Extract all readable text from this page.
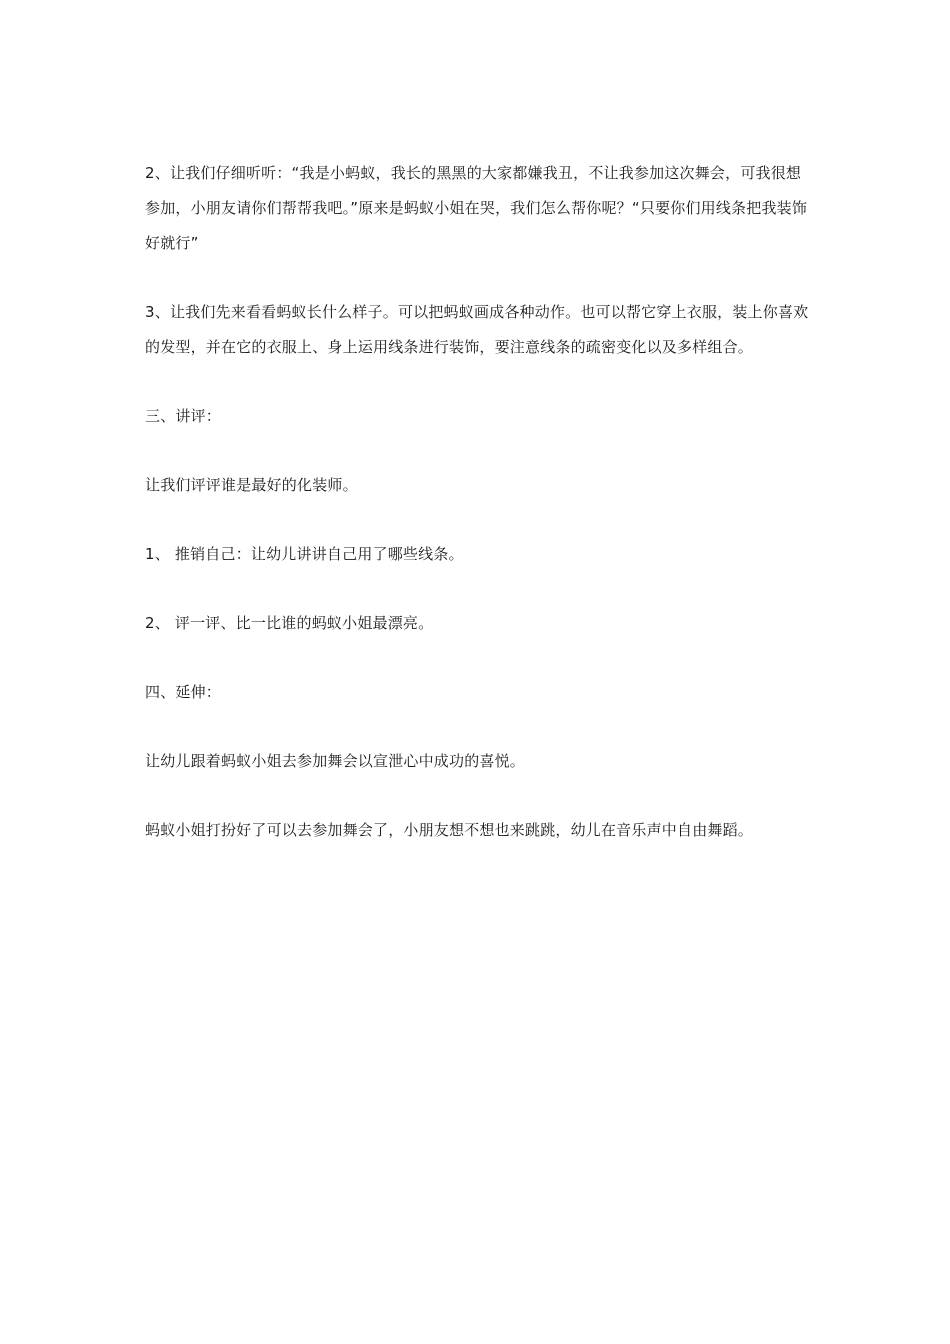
2、让我们仔细听听：“我是小蚂蚁，我长的黑黑的大家都嫌我丑，不让我参加这次舞会，可我很想参加，小朋友请你们帮帮我吧。”原来是蚂蚁小姐在哭，我们怎么帮你呢？“只要你们用线条把我装饰好就行”

3、让我们先来看看蚂蚁长什么样子。可以把蚂蚁画成各种动作。也可以帮它穿上衣服，装上你喜欢的发型，并在它的衣服上、身上运用线条进行装饰，要注意线条的疏密变化以及多样组合。

三、讲评：

让我们评评谁是最好的化装师。

1、 推销自己：让幼儿讲讲自己用了哪些线条。

2、 评一评、比一比谁的蚂蚁小姐最漂亮。

四、延伸：

让幼儿跟着蚂蚁小姐去参加舞会以宣泄心中成功的喜悦。

蚂蚁小姐打扮好了可以去参加舞会了，小朋友想不想也来跳跳，幼儿在音乐声中自由舞蹈。
